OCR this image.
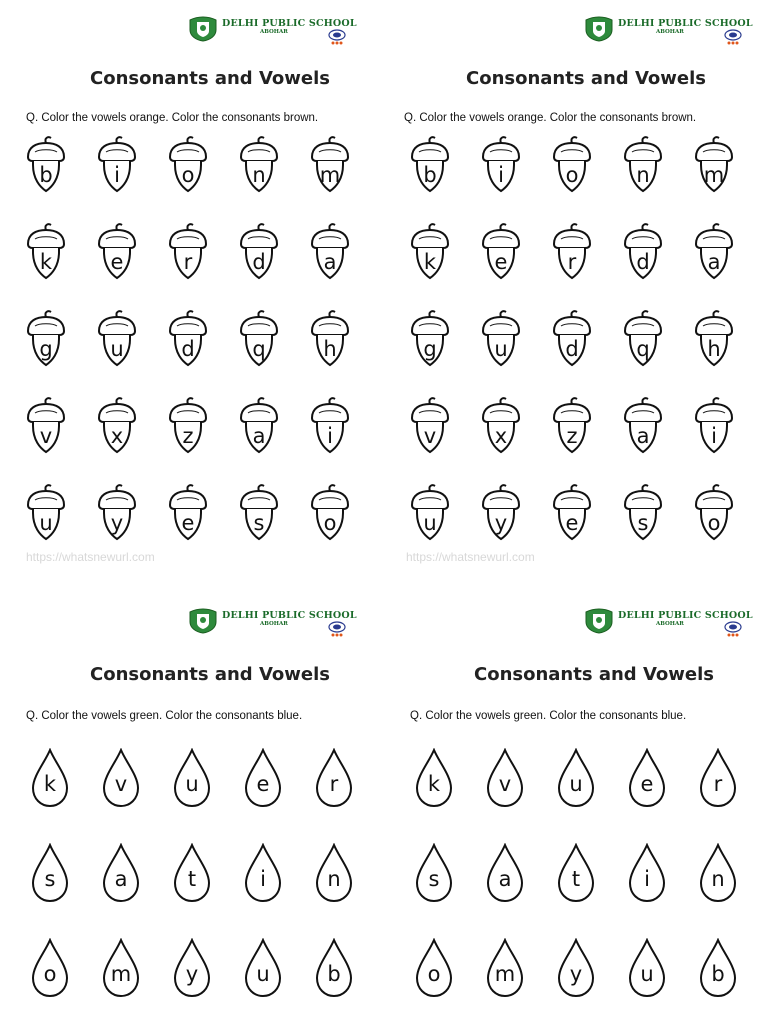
DELHI PUBLIC SCHOOL
ABOHAR
Consonants and Vowels
Q. Color the vowels orange. Color the consonants brown.
b	i	o	n	m
k	e	r	d	a
g	u	d	q	h
v	x	z	a	i
u	y	e	s	o
https://whatsnewurl.com
DELHI PUBLIC SCHOOL
ABOHAR
Consonants and Vowels
Q. Color the vowels orange. Color the consonants brown.
b	i	o	n	m
k	e	r	d	a
g	u	d	q	h
v	x	z	a	i
u	y	e	s	o
https://whatsnewurl.com
DELHI PUBLIC SCHOOL
ABOHAR
Consonants and Vowels
Q. Color the vowels green. Color the consonants blue.
k	v	u	e	r
s	a	t	i	n
o	m	y	u	b
DELHI PUBLIC SCHOOL
ABOHAR
Consonants and Vowels
Q. Color the vowels green. Color the consonants blue.
k	v	u	e	r
s	a	t	i	n
o	m	y	u	b
